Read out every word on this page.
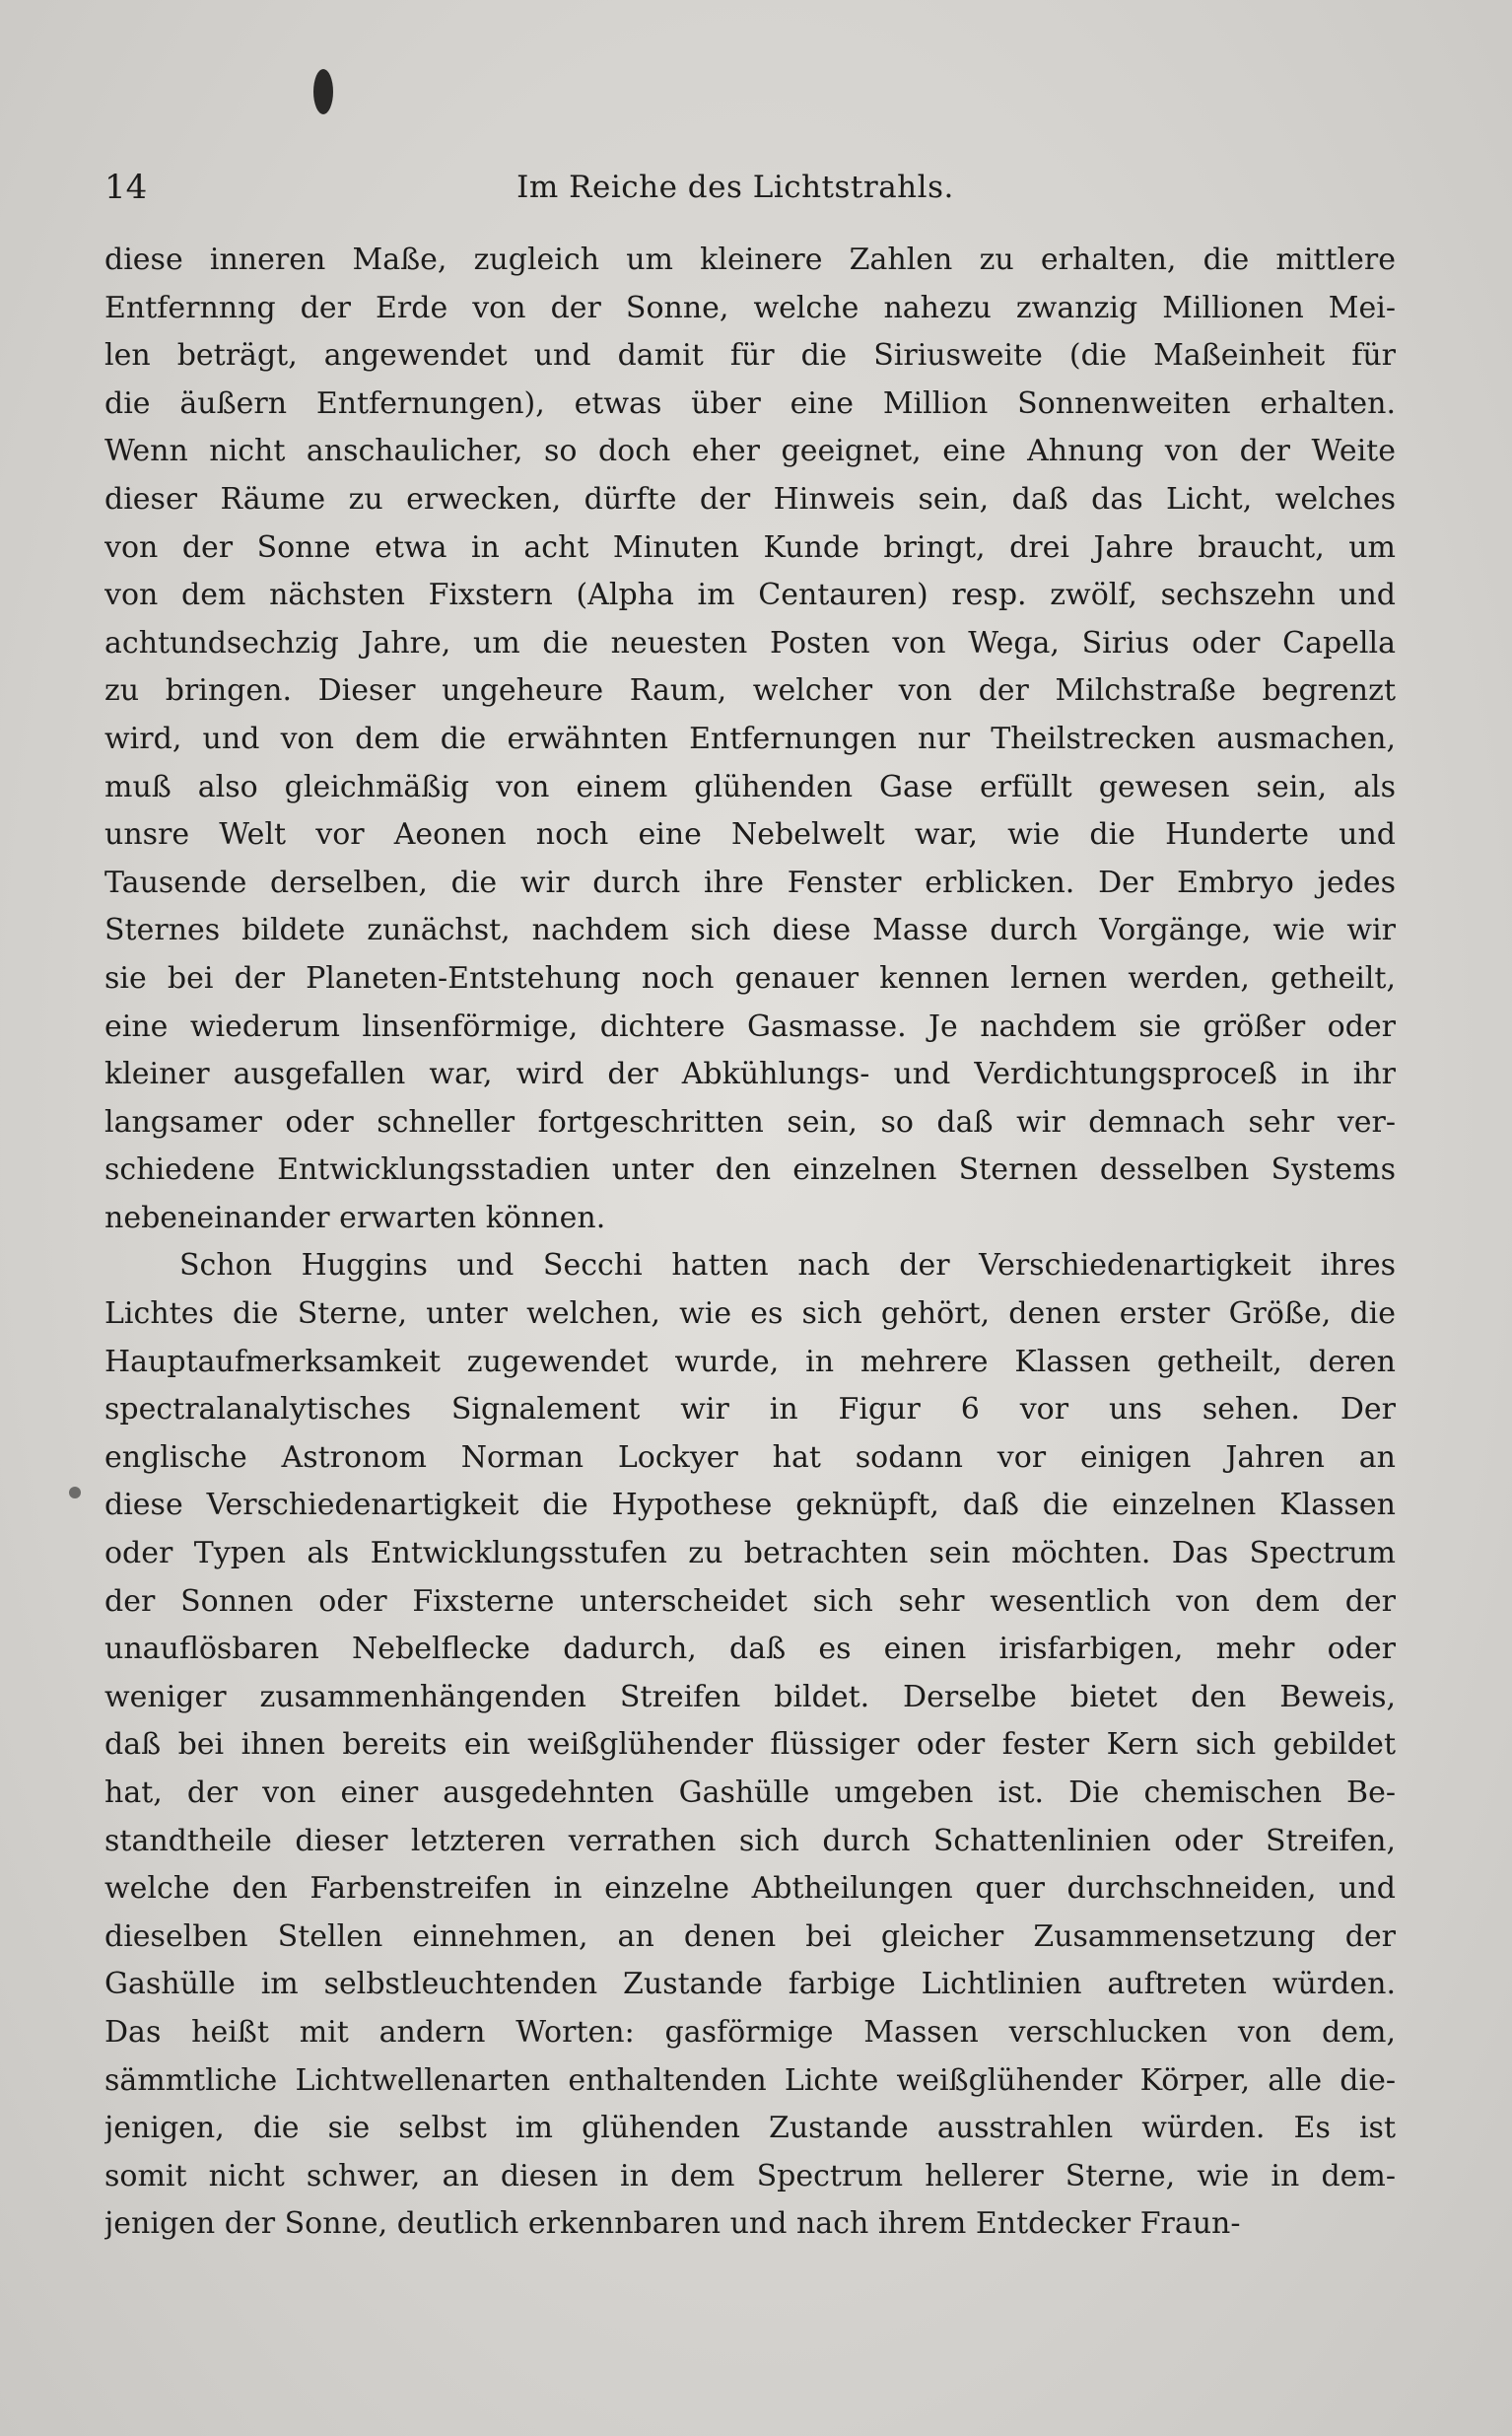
14	Im Reiche des Lichtstrahls.
diese inneren Maße, zugleich um kleinere Zahlen zu erhalten, die mittlere
Entfernnng der Erde von der Sonne, welche nahezu zwanzig Millionen Mei-
len beträgt, angewendet und damit für die Siriusweite (die Maßeinheit für
die äußern Entfernungen), etwas über eine Million Sonnenweiten erhalten.
Wenn nicht anschaulicher, so doch eher geeignet, eine Ahnung von der Weite
dieser Räume zu erwecken, dürfte der Hinweis sein, daß das Licht, welches
von der Sonne etwa in acht Minuten Kunde bringt, drei Jahre braucht, um
von dem nächsten Fixstern (Alpha im Centauren) resp. zwölf, sechszehn und
achtundsechzig Jahre, um die neuesten Posten von Wega, Sirius oder Capella
zu bringen. Dieser ungeheure Raum, welcher von der Milchstraße begrenzt
wird, und von dem die erwähnten Entfernungen nur Theilstrecken ausmachen,
muß also gleichmäßig von einem glühenden Gase erfüllt gewesen sein, als
unsre Welt vor Aeonen noch eine Nebelwelt war, wie die Hunderte und
Tausende derselben, die wir durch ihre Fenster erblicken. Der Embryo jedes
Sternes bildete zunächst, nachdem sich diese Masse durch Vorgänge, wie wir
sie bei der Planeten-Entstehung noch genauer kennen lernen werden, getheilt,
eine wiederum linsenförmige, dichtere Gasmasse. Je nachdem sie größer oder
kleiner ausgefallen war, wird der Abkühlungs- und Verdichtungsproceß in ihr
langsamer oder schneller fortgeschritten sein, so daß wir demnach sehr ver-
schiedene Entwicklungsstadien unter den einzelnen Sternen desselben Systems
nebeneinander erwarten können.
Schon Huggins und Secchi hatten nach der Verschiedenartigkeit ihres
Lichtes die Sterne, unter welchen, wie es sich gehört, denen erster Größe, die
Hauptaufmerksamkeit zugewendet wurde, in mehrere Klassen getheilt, deren
spectralanalytisches Signalement wir in Figur 6 vor uns sehen. Der
englische Astronom Norman Lockyer hat sodann vor einigen Jahren an
diese Verschiedenartigkeit die Hypothese geknüpft, daß die einzelnen Klassen
oder Typen als Entwicklungsstufen zu betrachten sein möchten. Das Spectrum
der Sonnen oder Fixsterne unterscheidet sich sehr wesentlich von dem der
unauflösbaren Nebelflecke dadurch, daß es einen irisfarbigen, mehr oder
weniger zusammenhängenden Streifen bildet. Derselbe bietet den Beweis,
daß bei ihnen bereits ein weißglühender flüssiger oder fester Kern sich gebildet
hat, der von einer ausgedehnten Gashülle umgeben ist. Die chemischen Be-
standtheile dieser letzteren verrathen sich durch Schattenlinien oder Streifen,
welche den Farbenstreifen in einzelne Abtheilungen quer durchschneiden, und
dieselben Stellen einnehmen, an denen bei gleicher Zusammensetzung der
Gashülle im selbstleuchtenden Zustande farbige Lichtlinien auftreten würden.
Das heißt mit andern Worten: gasförmige Massen verschlucken von dem,
sämmtliche Lichtwellenarten enthaltenden Lichte weißglühender Körper, alle die-
jenigen, die sie selbst im glühenden Zustande ausstrahlen würden. Es ist
somit nicht schwer, an diesen in dem Spectrum hellerer Sterne, wie in dem-
jenigen der Sonne, deutlich erkennbaren und nach ihrem Entdecker Fraun-
